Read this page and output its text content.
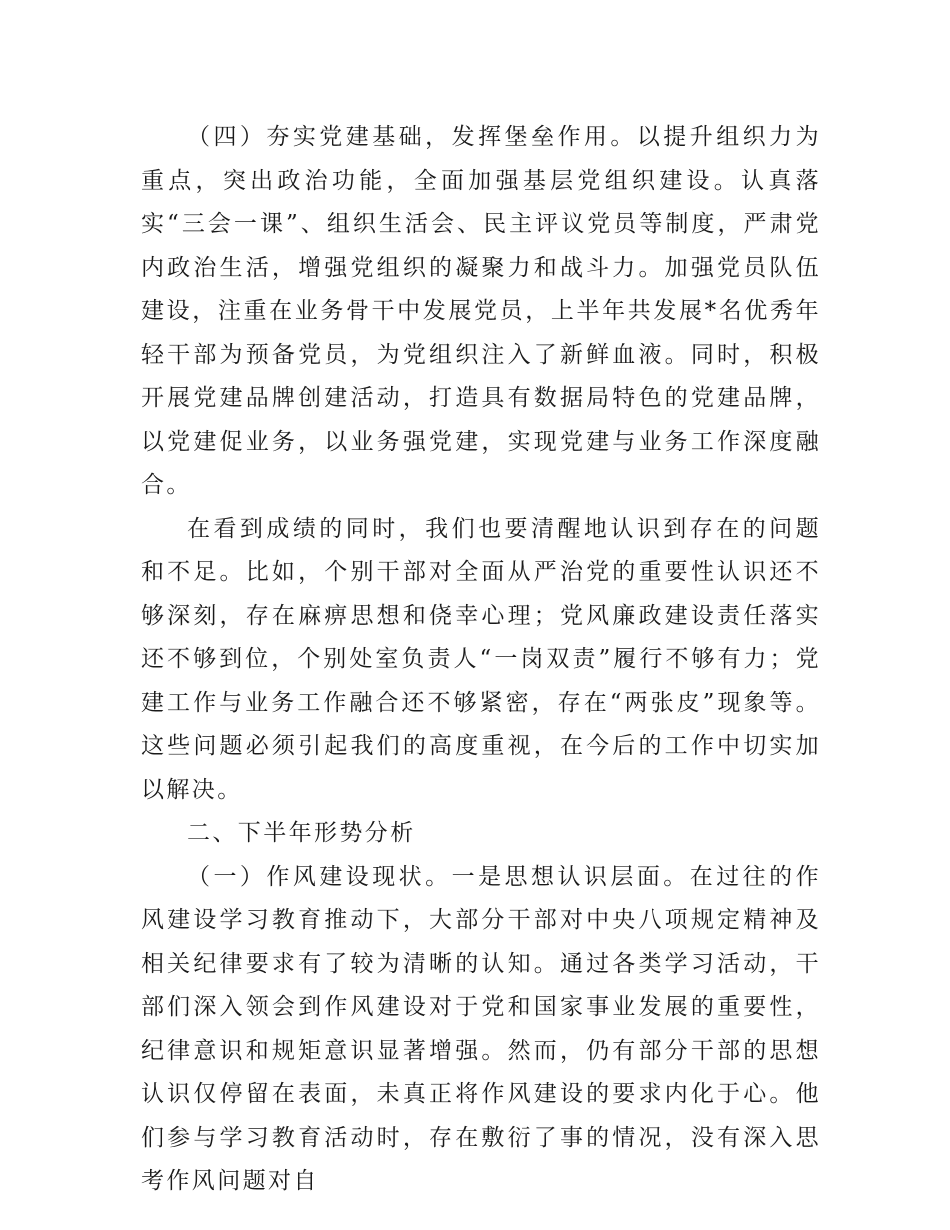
（四）夯实党建基础，发挥堡垒作用。以提升组织力为重点，突出政治功能，全面加强基层党组织建设。认真落实“三会一课”、组织生活会、民主评议党员等制度，严肃党内政治生活，增强党组织的凝聚力和战斗力。加强党员队伍建设，注重在业务骨干中发展党员，上半年共发展*名优秀年轻干部为预备党员，为党组织注入了新鲜血液。同时，积极开展党建品牌创建活动，打造具有数据局特色的党建品牌，以党建促业务，以业务强党建，实现党建与业务工作深度融合。

在看到成绩的同时，我们也要清醒地认识到存在的问题和不足。比如，个别干部对全面从严治党的重要性认识还不够深刻，存在麻痹思想和侥幸心理；党风廉政建设责任落实还不够到位，个别处室负责人“一岗双责”履行不够有力；党建工作与业务工作融合还不够紧密，存在“两张皮”现象等。这些问题必须引起我们的高度重视，在今后的工作中切实加以解决。

二、下半年形势分析

（一）作风建设现状。一是思想认识层面。在过往的作风建设学习教育推动下，大部分干部对中央八项规定精神及相关纪律要求有了较为清晰的认知。通过各类学习活动，干部们深入领会到作风建设对于党和国家事业发展的重要性，纪律意识和规矩意识显著增强。然而，仍有部分干部的思想认识仅停留在表面，未真正将作风建设的要求内化于心。他们参与学习教育活动时，存在敷衍了事的情况，没有深入思考作风问题对自
